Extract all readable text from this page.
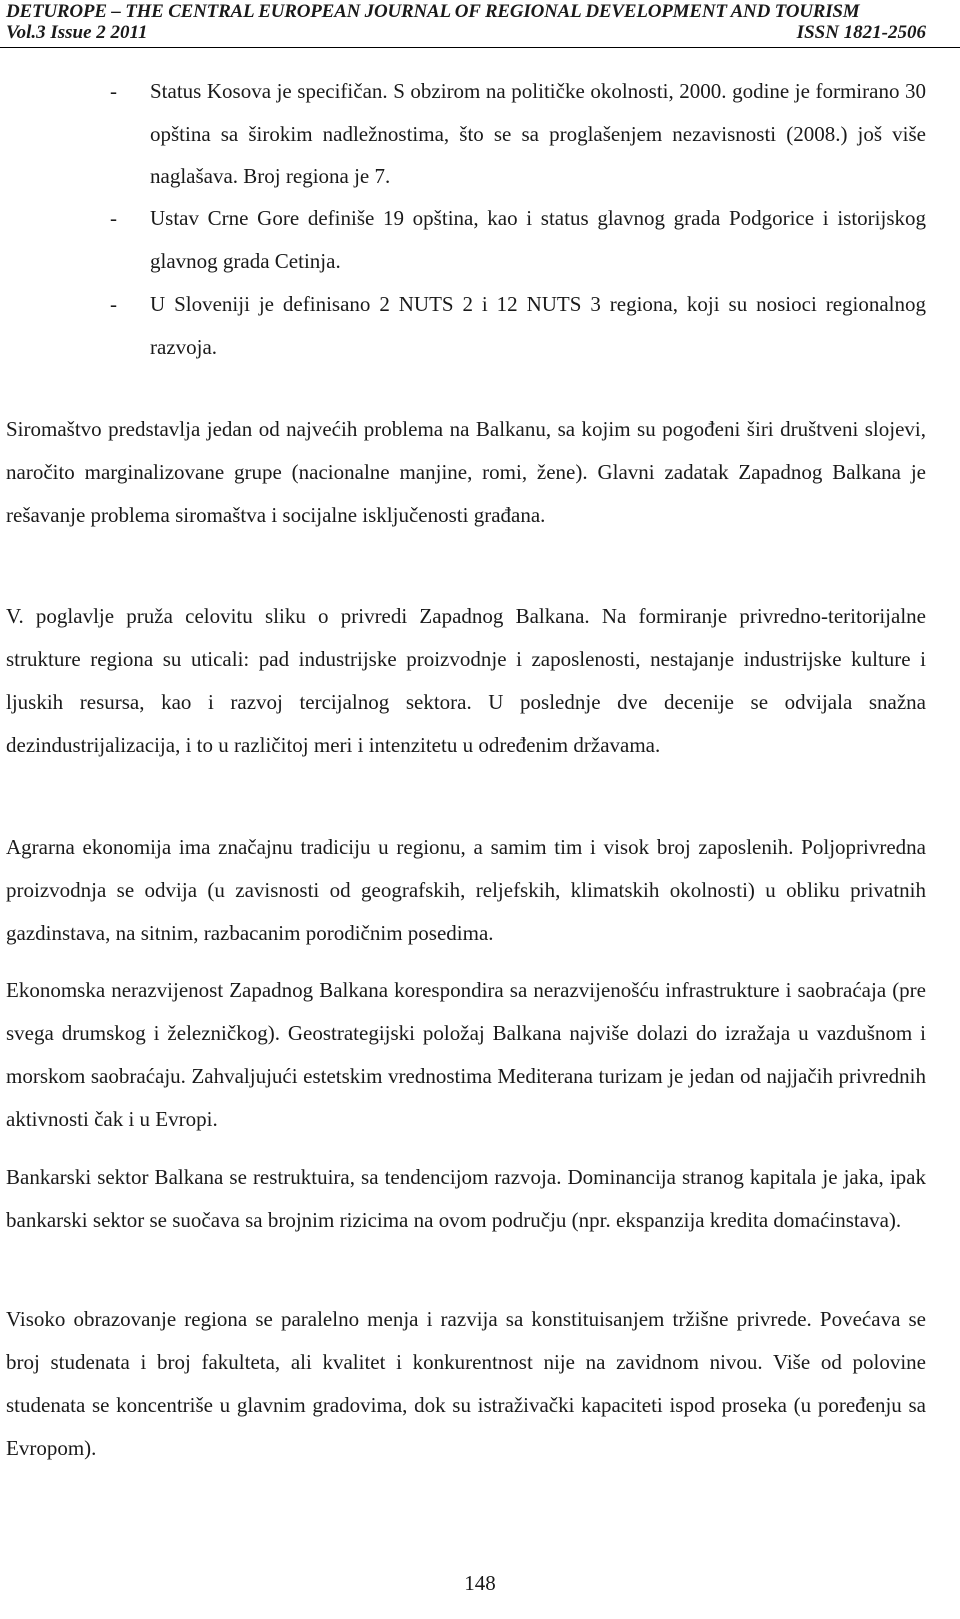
DETUROPE – THE CENTRAL EUROPEAN JOURNAL OF REGIONAL DEVELOPMENT AND TOURISM
Vol.3 Issue 2 2011	ISSN 1821-2506
- Status Kosova je specifičan. S obzirom na političke okolnosti, 2000. godine je formirano 30 opština sa širokim nadležnostima, što se sa proglašenjem nezavisnosti (2008.) još više naglašava. Broj regiona je 7.
- Ustav Crne Gore definiše 19 opština, kao i status glavnog grada Podgorice i istorijskog glavnog grada Cetinja.
- U Sloveniji je definisano 2 NUTS 2 i 12 NUTS 3 regiona, koji su nosioci regionalnog razvoja.

Siromaštvo predstavlja jedan od najvećih problema na Balkanu, sa kojim su pogođeni širi društveni slojevi, naročito marginalizovane grupe (nacionalne manjine, romi, žene). Glavni zadatak Zapadnog Balkana je rešavanje problema siromaštva i socijalne isključenosti građana.

V. poglavlje pruža celovitu sliku o privredi Zapadnog Balkana. Na formiranje privredno-teritorijalne strukture regiona su uticali: pad industrijske proizvodnje i zaposlenosti, nestajanje industrijske kulture i ljuskih resursa, kao i razvoj tercijalnog sektora. U poslednje dve decenije se odvijala snažna dezindustrijalizacija, i to u različitoj meri i intenzitetu u određenim državama.

Agrarna ekonomija ima značajnu tradiciju u regionu, a samim tim i visok broj zaposlenih. Poljoprivredna proizvodnja se odvija (u zavisnosti od geografskih, reljefskih, klimatskih okolnosti) u obliku privatnih gazdinstava, na sitnim, razbacanim porodičnim posedima.

Ekonomska nerazvijenost Zapadnog Balkana korespondira sa nerazvijenošću infrastrukture i saobraćaja (pre svega drumskog i železničkog). Geostrategijski položaj Balkana najviše dolazi do izražaja u vazdušnom i morskom saobraćaju. Zahvaljujući estetskim vrednostima Mediterana turizam je jedan od najjačih privrednih aktivnosti čak i u Evropi.

Bankarski sektor Balkana se restruktuira, sa tendencijom razvoja. Dominancija stranog kapitala je jaka, ipak bankarski sektor se suočava sa brojnim rizicima na ovom području (npr. ekspanzija kredita domaćinstava).

Visoko obrazovanje regiona se paralelno menja i razvija sa konstituisanjem tržišne privrede. Povećava se broj studenata i broj fakulteta, ali kvalitet i konkurentnost nije na zavidnom nivou. Više od polovine studenata se koncentriše u glavnim gradovima, dok su istraživački kapaciteti ispod proseka (u poređenju sa Evropom).

148
